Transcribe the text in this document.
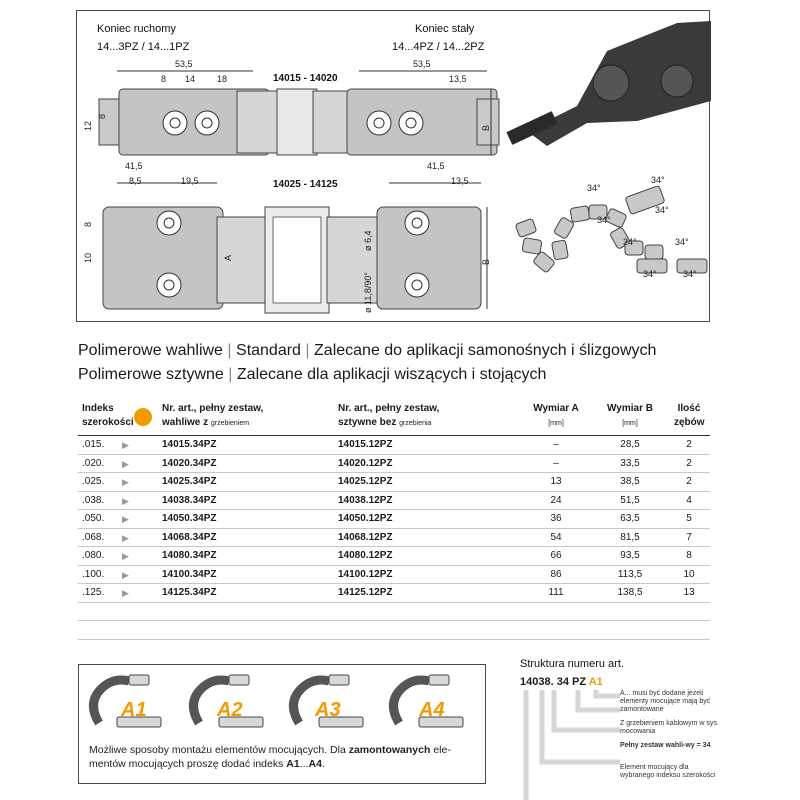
Koniec ruchomy
14...3PZ / 14...1PZ
Koniec stały
14...4PZ / 14...2PZ
14015 - 14020
14025 - 14125
53,5
8 14 18
53,5
13,5
41,5
8,5	19,5
41,5
13,5
12
8
8
10	A
B
B
ø 6,4
ø 11,8/90°
34°
34°
34°
34°
34°	34°
34°	34°
Polimerowe wahliwe | Standard | Zalecane do aplikacji samonośnych i ślizgowych
Polimerowe sztywne | Zalecane dla aplikacji wiszących i stojących
Indeks
szerokości
Nr. art., pełny zestaw,
wahliwe z grzebieniem
Nr. art., pełny zestaw,
sztywne bez grzebienia
Wymiar A
[mm]
Wymiar B
[mm]
Ilość
zębów
.015. ▶	14015.34PZ	14015.12PZ	–	28,5	2
.020. ▶	14020.34PZ	14020.12PZ	–	33,5	2
.025. ▶	14025.34PZ	14025.12PZ	13	38,5	2
.038. ▶	14038.34PZ	14038.12PZ	24	51,5	4
.050. ▶	14050.34PZ	14050.12PZ	36	63,5	5
.068. ▶	14068.34PZ	14068.12PZ	54	81,5	7
.080. ▶	14080.34PZ	14080.12PZ	66	93,5	8
.100. ▶	14100.34PZ	14100.12PZ	86	113,5	10
.125. ▶	14125.34PZ	14125.12PZ	111	138,5	13
A1	A2	A3	A4
Możliwe sposoby montażu elementów mocujących. Dla zamontowanych ele-mentów mocujących proszę dodać indeks A1...A4.
Struktura numeru art.
14038. 34 PZ A1
A... musi być dodane jeżeli elementy mocujące mają być zamontowane
Z grzebieniem kablowym w sys. mocowania
Pełny zestaw wahli-wy = 34
Element mocujący dla wybranego indeksu szerokości
